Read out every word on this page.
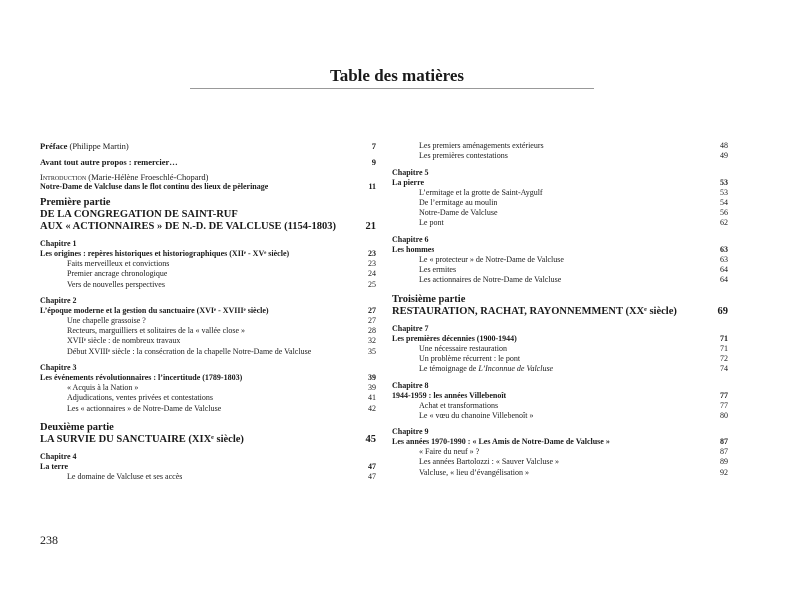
Table des matières
Préface (Philippe Martin)	7
Avant tout autre propos : remercier…	9
Introduction (Marie-Hélène Froeschlé-Chopard)
Notre-Dame de Valcluse dans le flot continu des lieux de pèlerinage	11
Première partie
DE LA CONGREGATION DE SAINT-RUF
AUX « ACTIONNAIRES » DE N.-D. DE VALCLUSE (1154-1803)	21
Chapitre 1
Les origines : repères historiques et historiographiques (XIIᵉ - XVᵉ siècle)	23
Faits merveilleux et convictions	23
Premier ancrage chronologique	24
Vers de nouvelles perspectives	25
Chapitre 2
L’époque moderne et la gestion du sanctuaire (XVIᵉ - XVIIIᵉ siècle)	27
Une chapelle grassoise ?	27
Recteurs, marguilliers et solitaires de la « vallée close »	28
XVIIᵉ siècle : de nombreux travaux	32
Début XVIIIᵉ siècle : la consécration de la chapelle Notre-Dame de Valcluse	35
Chapitre 3
Les événements révolutionnaires : l’incertitude (1789-1803)	39
« Acquis à la Nation »	39
Adjudications, ventes privées et contestations	41
Les « actionnaires » de Notre-Dame de Valcluse	42
Deuxième partie
LA SURVIE DU SANCTUAIRE (XIXᵉ siècle)	45
Chapitre 4
La terre	47
Le domaine de Valcluse et ses accès	47
Les premiers aménagements extérieurs	48
Les premières contestations	49
Chapitre 5
La pierre	53
L’ermitage et la grotte de Saint-Aygulf	53
De l’ermitage au moulin	54
Notre-Dame de Valcluse	56
Le pont	62
Chapitre 6
Les hommes	63
Le « protecteur » de Notre-Dame de Valcluse	63
Les ermites	64
Les actionnaires de Notre-Dame de Valcluse	64
Troisième partie
RESTAURATION, RACHAT, RAYONNEMMENT (XXᵉ siècle)	69
Chapitre 7
Les premières décennies (1900-1944)	71
Une nécessaire restauration	71
Un problème récurrent : le pont	72
Le témoignage de L’Inconnue de Valcluse	74
Chapitre 8
1944-1959 : les années Villebenoît	77
Achat et transformations	77
Le « vœu du chanoine Villebenoît »	80
Chapitre 9
Les années 1970-1990 : « Les Amis de Notre-Dame de Valcluse »	87
« Faire du neuf » ?	87
Les années Bartolozzi : « Sauver Valcluse »	89
Valcluse, « lieu d’évangélisation »	92
238
